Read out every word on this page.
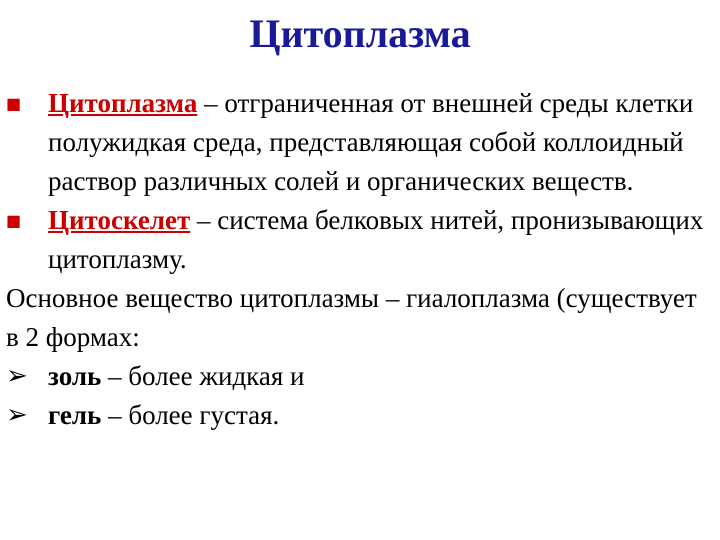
Цитоплазма
■ Цитоплазма – отграниченная от внешней среды клетки полужидкая среда, представляющая собой коллоидный раствор различных солей и органических веществ.
■ Цитоскелет – система белковых нитей, пронизывающих цитоплазму.
Основное вещество цитоплазмы – гиалоплазма (существует в 2 формах:
➢ золь – более жидкая и
➢ гель – более густая.
